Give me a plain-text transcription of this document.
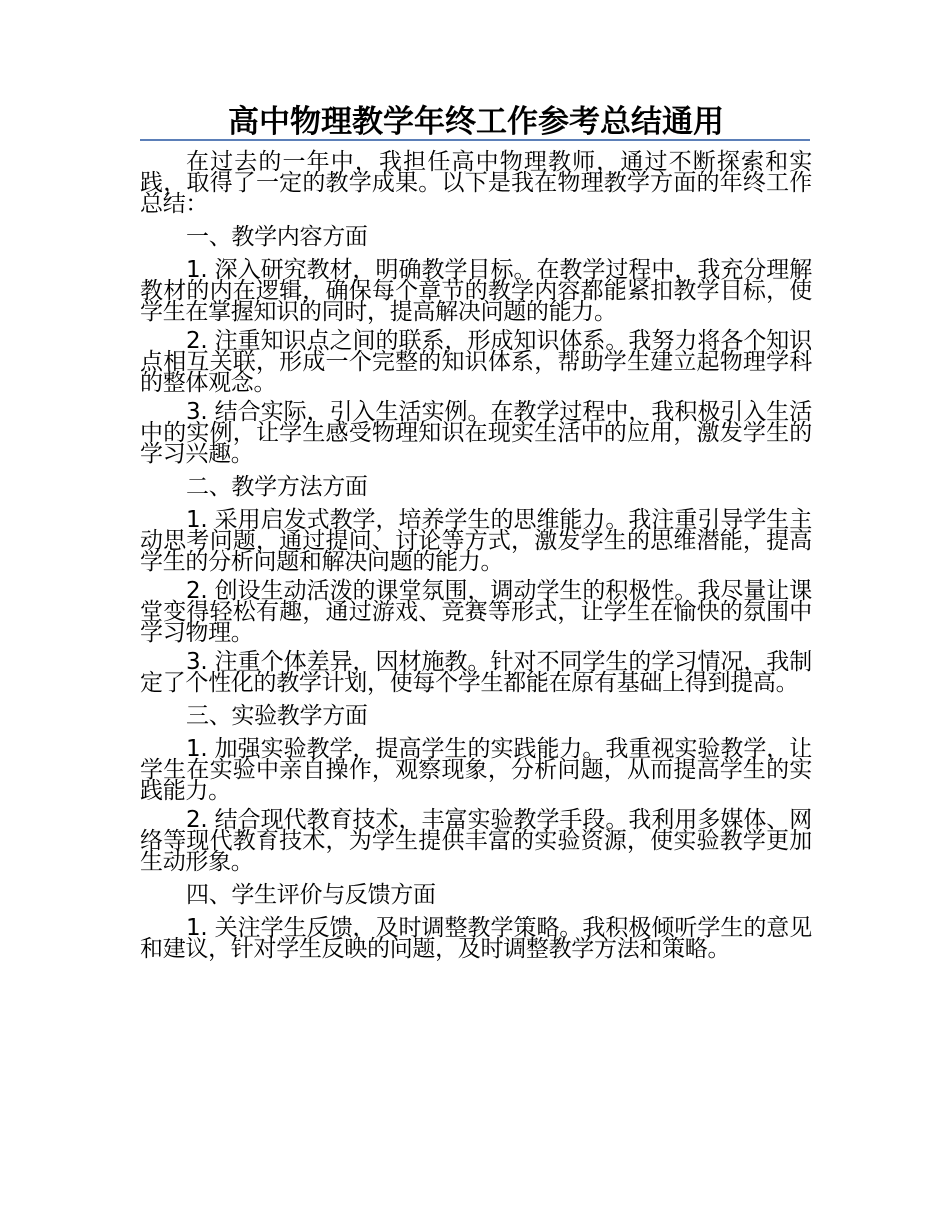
高中物理教学年终工作参考总结通用

在过去的一年中，我担任高中物理教师，通过不断探索和实践，取得了一定的教学成果。以下是我在物理教学方面的年终工作总结：

一、教学内容方面

1. 深入研究教材，明确教学目标。在教学过程中，我充分理解教材的内在逻辑，确保每个章节的教学内容都能紧扣教学目标，使学生在掌握知识的同时，提高解决问题的能力。

2. 注重知识点之间的联系，形成知识体系。我努力将各个知识点相互关联，形成一个完整的知识体系，帮助学生建立起物理学科的整体观念。

3. 结合实际，引入生活实例。在教学过程中，我积极引入生活中的实例，让学生感受物理知识在现实生活中的应用，激发学生的学习兴趣。

二、教学方法方面

1. 采用启发式教学，培养学生的思维能力。我注重引导学生主动思考问题，通过提问、讨论等方式，激发学生的思维潜能，提高学生的分析问题和解决问题的能力。

2. 创设生动活泼的课堂氛围，调动学生的积极性。我尽量让课堂变得轻松有趣，通过游戏、竞赛等形式，让学生在愉快的氛围中学习物理。

3. 注重个体差异，因材施教。针对不同学生的学习情况，我制定了个性化的教学计划，使每个学生都能在原有基础上得到提高。

三、实验教学方面

1. 加强实验教学，提高学生的实践能力。我重视实验教学，让学生在实验中亲自操作，观察现象，分析问题，从而提高学生的实践能力。

2. 结合现代教育技术，丰富实验教学手段。我利用多媒体、网络等现代教育技术，为学生提供丰富的实验资源，使实验教学更加生动形象。

四、学生评价与反馈方面

1. 关注学生反馈，及时调整教学策略。我积极倾听学生的意见和建议，针对学生反映的问题，及时调整教学方法和策略。
